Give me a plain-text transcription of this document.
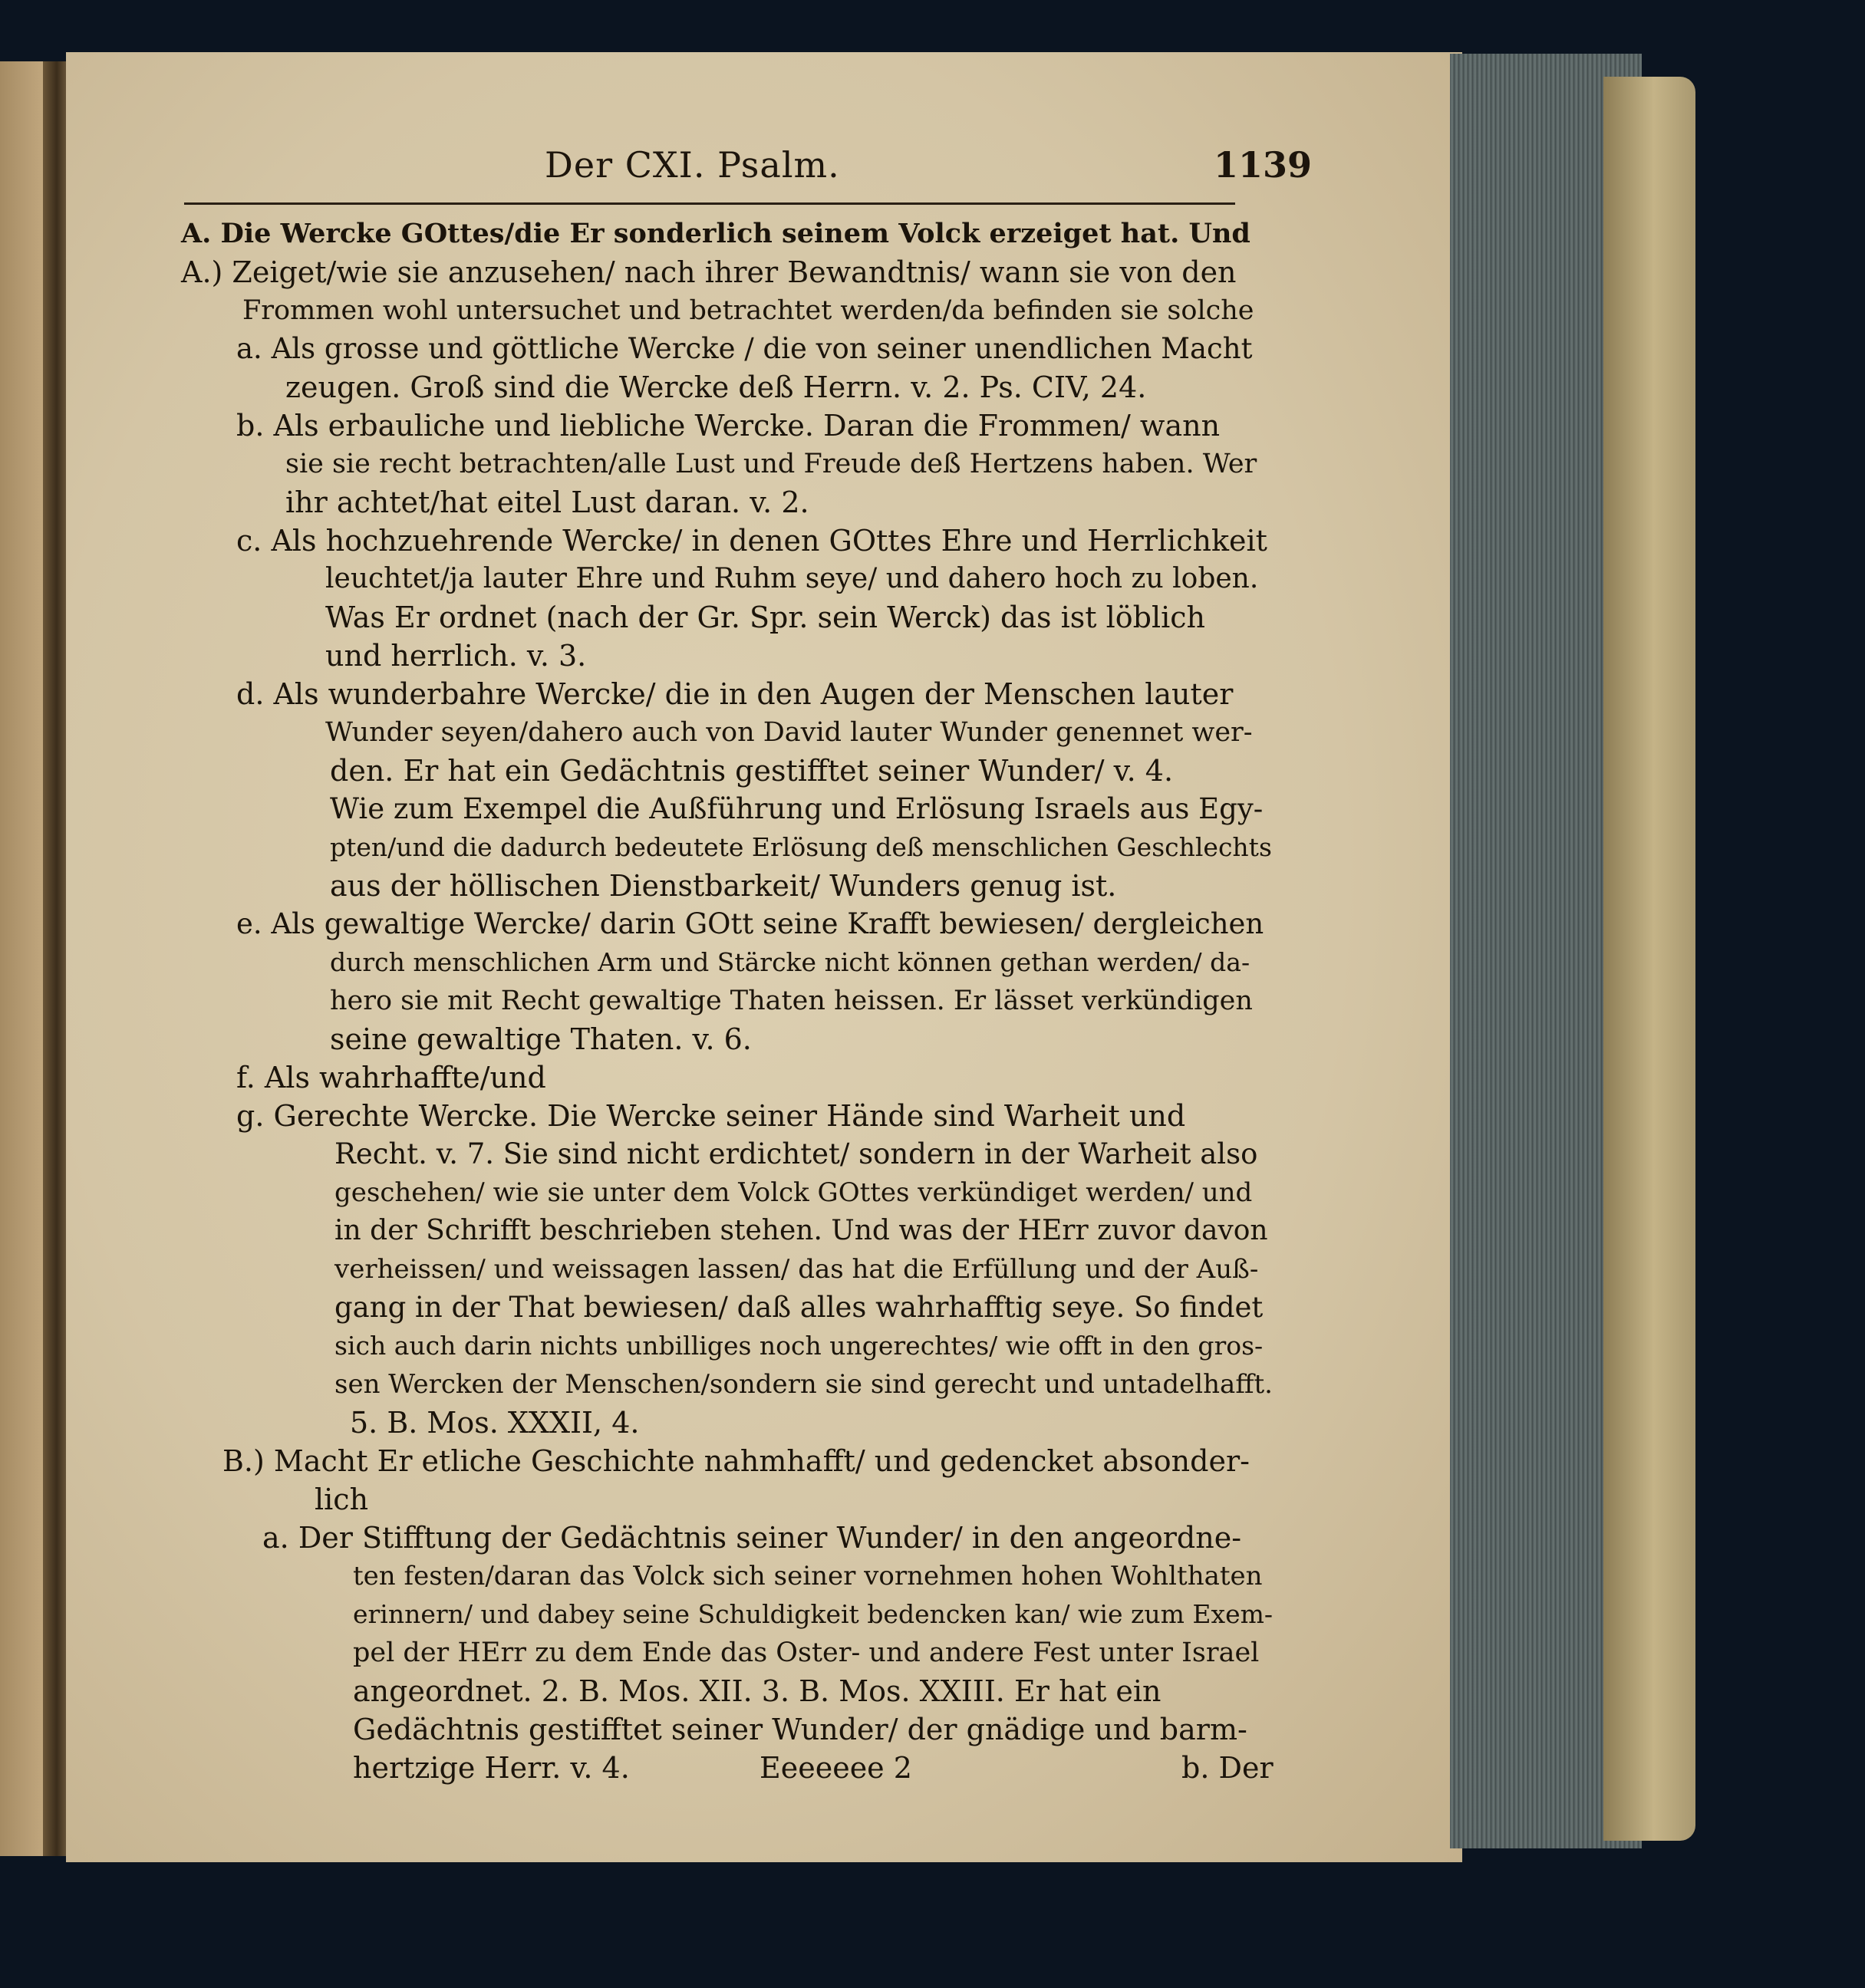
Der CXI. Psalm.	1139
A. Die Wercke GOttes/die Er sonderlich seinem Volck erzeiget hat. Und
A.) Zeiget/wie sie anzusehen/ nach ihrer Bewandtnis/ wann sie von den
Frommen wohl untersuchet und betrachtet werden/da befinden sie solche
a. Als grosse und göttliche Wercke / die von seiner unendlichen Macht
zeugen. Groß sind die Wercke deß Herrn. v. 2. Ps. CIV, 24.
b. Als erbauliche und liebliche Wercke. Daran die Frommen/ wann
sie sie recht betrachten/alle Lust und Freude deß Hertzens haben. Wer
ihr achtet/hat eitel Lust daran. v. 2.
c. Als hochzuehrende Wercke/ in denen GOttes Ehre und Herrlichkeit
leuchtet/ja lauter Ehre und Ruhm seye/ und dahero hoch zu loben.
Was Er ordnet (nach der Gr. Spr. sein Werck) das ist löblich
und herrlich. v. 3.
d. Als wunderbahre Wercke/ die in den Augen der Menschen lauter
Wunder seyen/dahero auch von David lauter Wunder genennet wer-
den. Er hat ein Gedächtnis gestifftet seiner Wunder/ v. 4.
Wie zum Exempel die Außführung und Erlösung Israels aus Egy-
pten/und die dadurch bedeutete Erlösung deß menschlichen Geschlechts
aus der höllischen Dienstbarkeit/ Wunders genug ist.
e. Als gewaltige Wercke/ darin GOtt seine Krafft bewiesen/ dergleichen
durch menschlichen Arm und Stärcke nicht können gethan werden/ da-
hero sie mit Recht gewaltige Thaten heissen. Er lässet verkündigen
seine gewaltige Thaten. v. 6.
f. Als wahrhaffte/und
g. Gerechte Wercke. Die Wercke seiner Hände sind Warheit und
Recht. v. 7. Sie sind nicht erdichtet/ sondern in der Warheit also
geschehen/ wie sie unter dem Volck GOttes verkündiget werden/ und
in der Schrifft beschrieben stehen. Und was der HErr zuvor davon
verheissen/ und weissagen lassen/ das hat die Erfüllung und der Auß-
gang in der That bewiesen/ daß alles wahrhafftig seye. So findet
sich auch darin nichts unbilliges noch ungerechtes/ wie offt in den gros-
sen Wercken der Menschen/sondern sie sind gerecht und untadelhafft.
5. B. Mos. XXXII, 4.
B.) Macht Er etliche Geschichte nahmhafft/ und gedencket absonder-
lich
a. Der Stifftung der Gedächtnis seiner Wunder/ in den angeordne-
ten festen/daran das Volck sich seiner vornehmen hohen Wohlthaten
erinnern/ und dabey seine Schuldigkeit bedencken kan/ wie zum Exem-
pel der HErr zu dem Ende das Oster- und andere Fest unter Israel
angeordnet. 2. B. Mos. XII. 3. B. Mos. XXIII. Er hat ein
Gedächtnis gestifftet seiner Wunder/ der gnädige und barm-
hertzige Herr. v. 4.	Eeeeeee 2	b. Der
